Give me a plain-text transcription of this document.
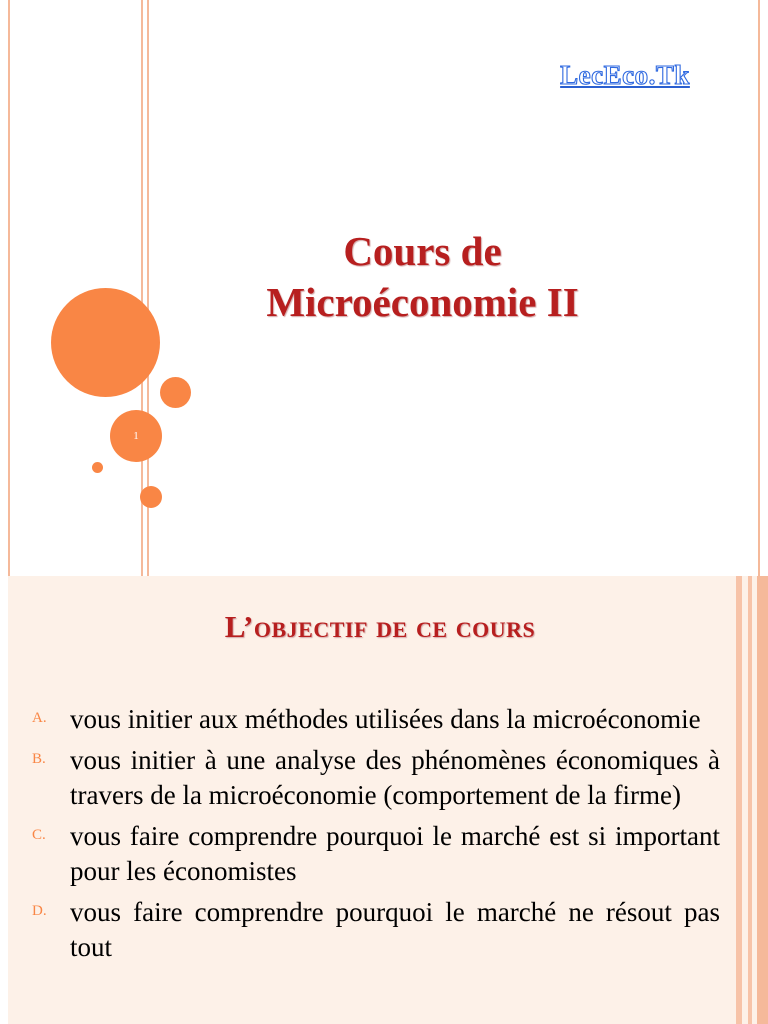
1
LecEco.Tk
Cours de
Microéconomie II
L’objectif de ce cours
A. vous initier aux méthodes utilisées dans la microéconomie
B. vous initier à une analyse des phénomènes économiques à travers de la microéconomie (comportement de la firme)
C. vous faire comprendre pourquoi le marché est si important pour les économistes
D. vous faire comprendre pourquoi le marché ne résout pas tout
